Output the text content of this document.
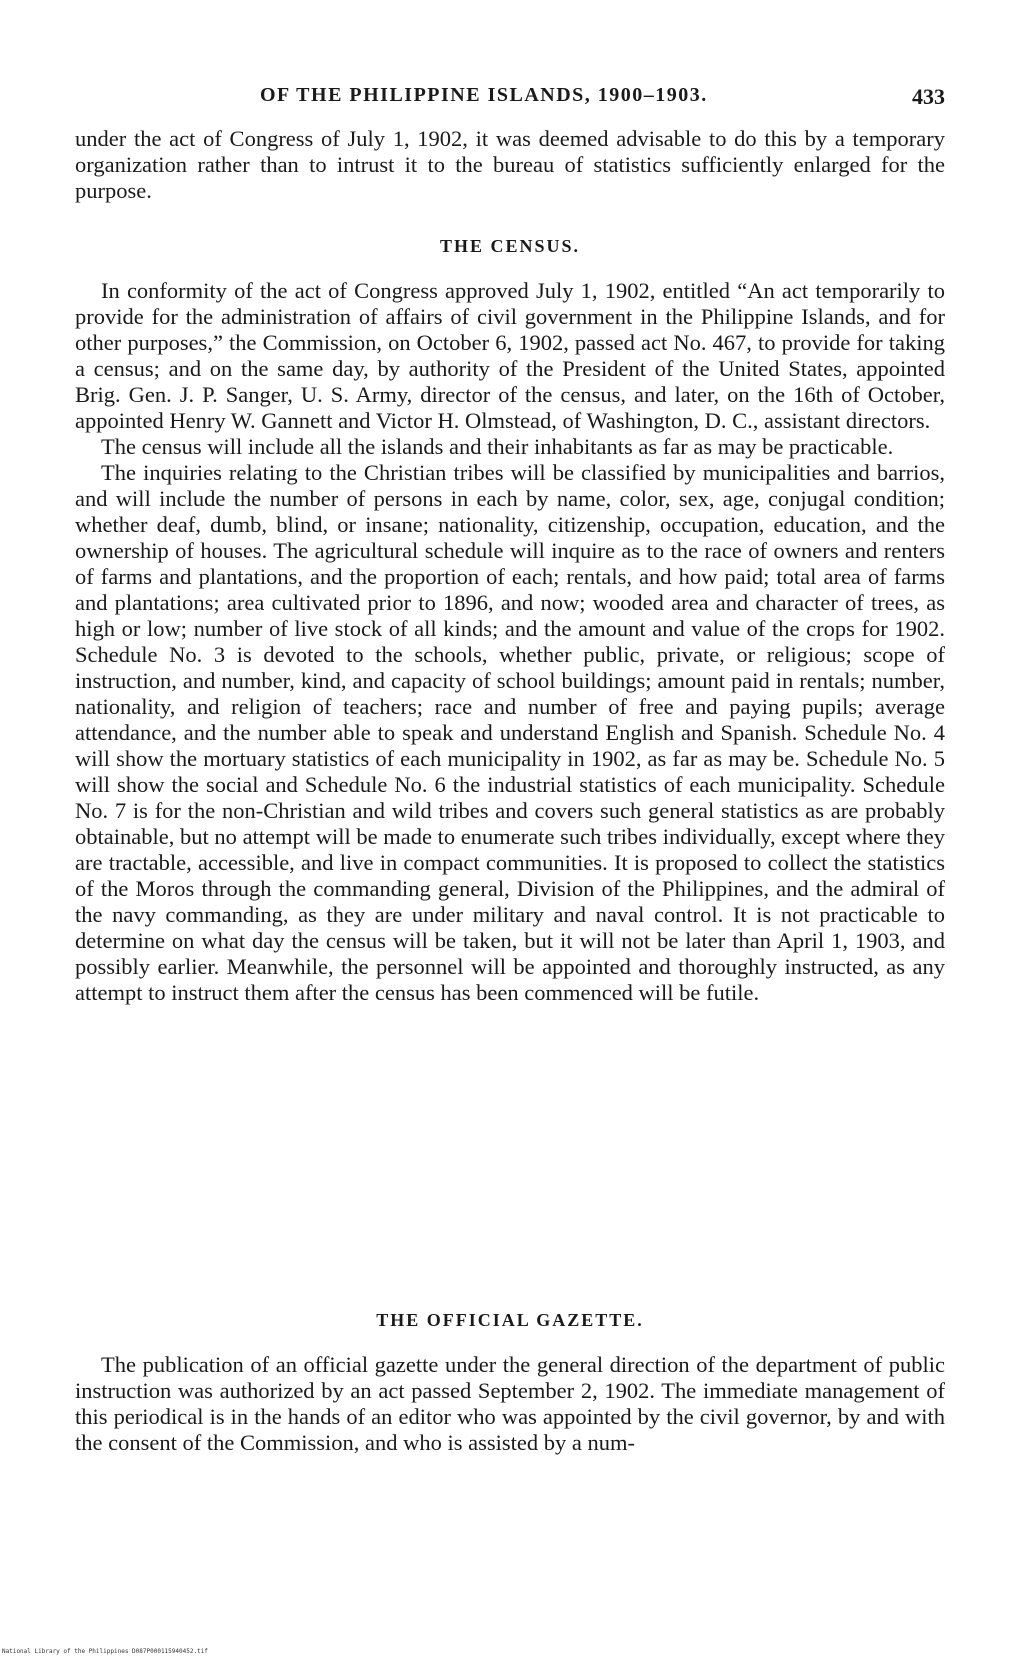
OF THE PHILIPPINE ISLANDS, 1900–1903.	433

under the act of Congress of July 1, 1902, it was deemed advisable to do this by a temporary organization rather than to intrust it to the bureau of statistics sufficiently enlarged for the purpose.

THE CENSUS.

In conformity of the act of Congress approved July 1, 1902, entitled “An act temporarily to provide for the administration of affairs of civil government in the Philippine Islands, and for other purposes,” the Commission, on October 6, 1902, passed act No. 467, to provide for taking a census; and on the same day, by authority of the President of the United States, appointed Brig. Gen. J. P. Sanger, U. S. Army, director of the census, and later, on the 16th of October, appointed Henry W. Gannett and Victor H. Olmstead, of Washington, D. C., assistant directors.

The census will include all the islands and their inhabitants as far as may be practicable.

The inquiries relating to the Christian tribes will be classified by municipalities and barrios, and will include the number of persons in each by name, color, sex, age, conjugal condition; whether deaf, dumb, blind, or insane; nationality, citizenship, occupation, education, and the ownership of houses. The agricultural schedule will inquire as to the race of owners and renters of farms and plantations, and the proportion of each; rentals, and how paid; total area of farms and plantations; area cultivated prior to 1896, and now; wooded area and character of trees, as high or low; number of live stock of all kinds; and the amount and value of the crops for 1902. Schedule No. 3 is devoted to the schools, whether public, private, or religious; scope of instruction, and number, kind, and capacity of school buildings; amount paid in rentals; number, nationality, and religion of teachers; race and number of free and paying pupils; average attendance, and the number able to speak and understand English and Spanish. Schedule No. 4 will show the mortuary statistics of each municipality in 1902, as far as may be. Schedule No. 5 will show the social and Schedule No. 6 the industrial statistics of each municipality. Schedule No. 7 is for the non-Christian and wild tribes and covers such general statistics as are probably obtainable, but no attempt will be made to enumerate such tribes individually, except where they are tractable, accessible, and live in compact communities. It is proposed to collect the statistics of the Moros through the commanding general, Division of the Philippines, and the admiral of the navy commanding, as they are under military and naval control. It is not practicable to determine on what day the census will be taken, but it will not be later than April 1, 1903, and possibly earlier. Meanwhile, the personnel will be appointed and thoroughly instructed, as any attempt to instruct them after the census has been commenced will be futile.

THE OFFICIAL GAZETTE.

The publication of an official gazette under the general direction of the department of public instruction was authorized by an act passed September 2, 1902. The immediate management of this periodical is in the hands of an editor who was appointed by the civil governor, by and with the consent of the Commission, and who is assisted by a num-

National Library of the Philippines D087P000115940452.tif
